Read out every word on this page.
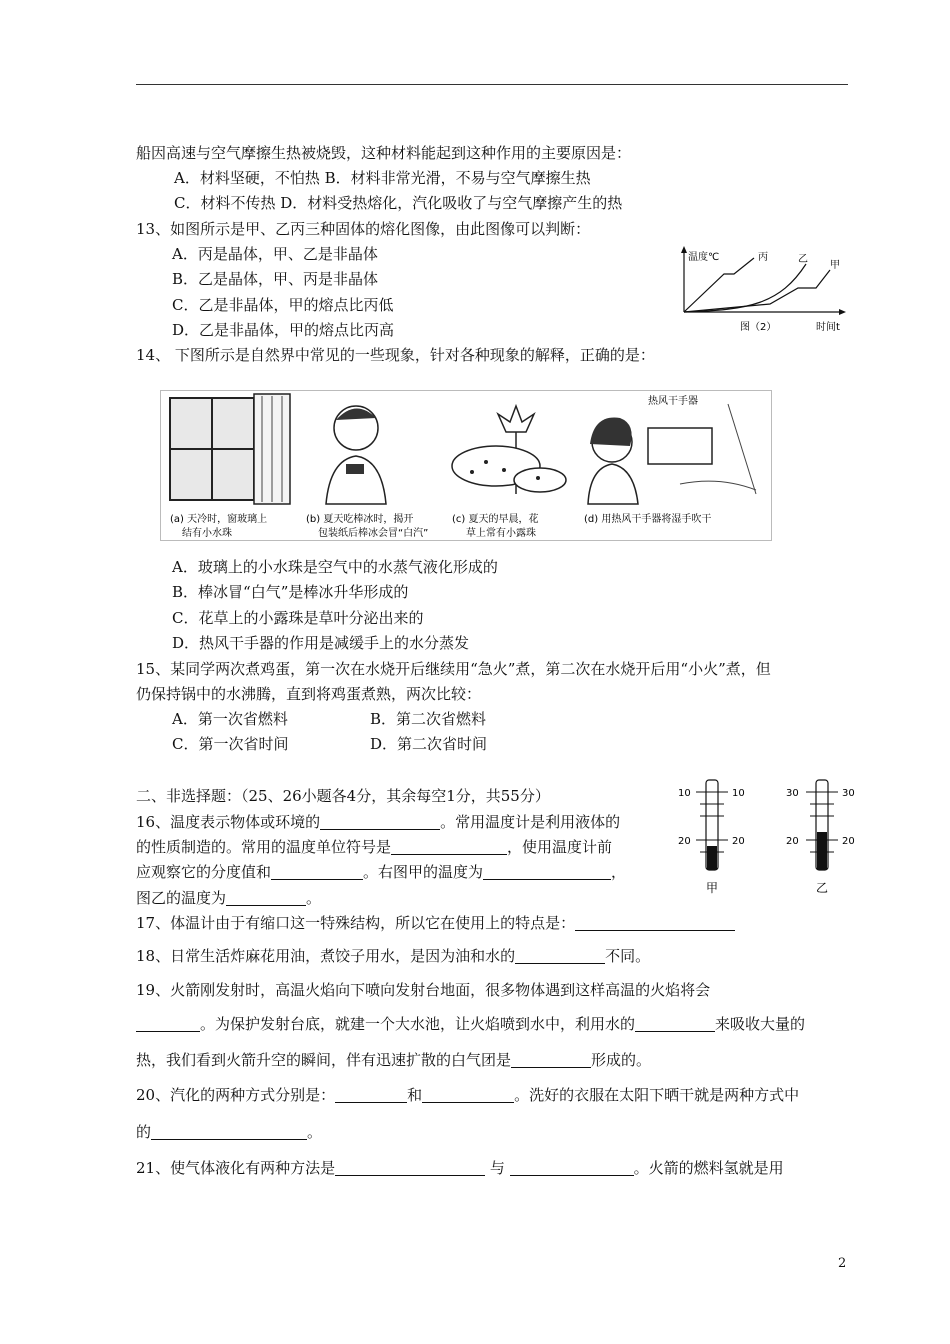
船因高速与空气摩擦生热被烧毁，这种材料能起到这种作用的主要原因是：
A．材料坚硬，不怕热 B．材料非常光滑，不易与空气摩擦生热
C．材料不传热 D．材料受热熔化，汽化吸收了与空气摩擦产生的热
13、如图所示是甲、乙丙三种固体的熔化图像，由此图像可以判断：
A．丙是晶体，甲、乙是非晶体
B．乙是晶体，甲、丙是非晶体
C．乙是非晶体，甲的熔点比丙低
D．乙是非晶体，甲的熔点比丙高
温度℃	丙	乙
甲
图（2）	时间t
14、 下图所示是自然界中常见的一些现象，针对各种现象的解释，正确的是：
(a) 天冷时，窗玻璃上
结有小水珠
(b) 夏天吃棒冰时，揭开
包装纸后棒冰会冒“白汽”
(c) 夏天的早晨，花
草上常有小露珠
热风干手器
(d) 用热风干手器将湿手吹干
A．玻璃上的小水珠是空气中的水蒸气液化形成的
B．棒冰冒“白气”是棒冰升华形成的
C．花草上的小露珠是草叶分泌出来的
D．热风干手器的作用是减缓手上的水分蒸发
15、某同学两次煮鸡蛋，第一次在水烧开后继续用“急火”煮，第二次在水烧开后用“小火”煮，但
仍保持锅中的水沸腾，直到将鸡蛋煮熟，两次比较：
A．第一次省燃料	B．第二次省燃料
C．第一次省时间	D．第二次省时间
二、非选择题：（25、26小题各4分，其余每空1分，共55分）
16、温度表示物体或环境的	。常用温度计是利用液体的
的性质制造的。常用的温度单位符号是	，使用温度计前
应观察它的分度值和	。右图甲的温度为	，
图乙的温度为	。
10	10
20	20
甲
30	30
20	20
乙
17、体温计由于有缩口这一特殊结构，所以它在使用上的特点是：
18、日常生活炸麻花用油，煮饺子用水，是因为油和水的	不同。
19、火箭刚发射时，高温火焰向下喷向发射台地面，很多物体遇到这样高温的火焰将会
。为保护发射台底，就建一个大水池，让火焰喷到水中，利用水的	来吸收大量的
热，我们看到火箭升空的瞬间，伴有迅速扩散的白气团是	形成的。
20、汽化的两种方式分别是：	和	。洗好的衣服在太阳下晒干就是两种方式中
的	。
21、使气体液化有两种方法是	与	。火箭的燃料氢就是用
2
